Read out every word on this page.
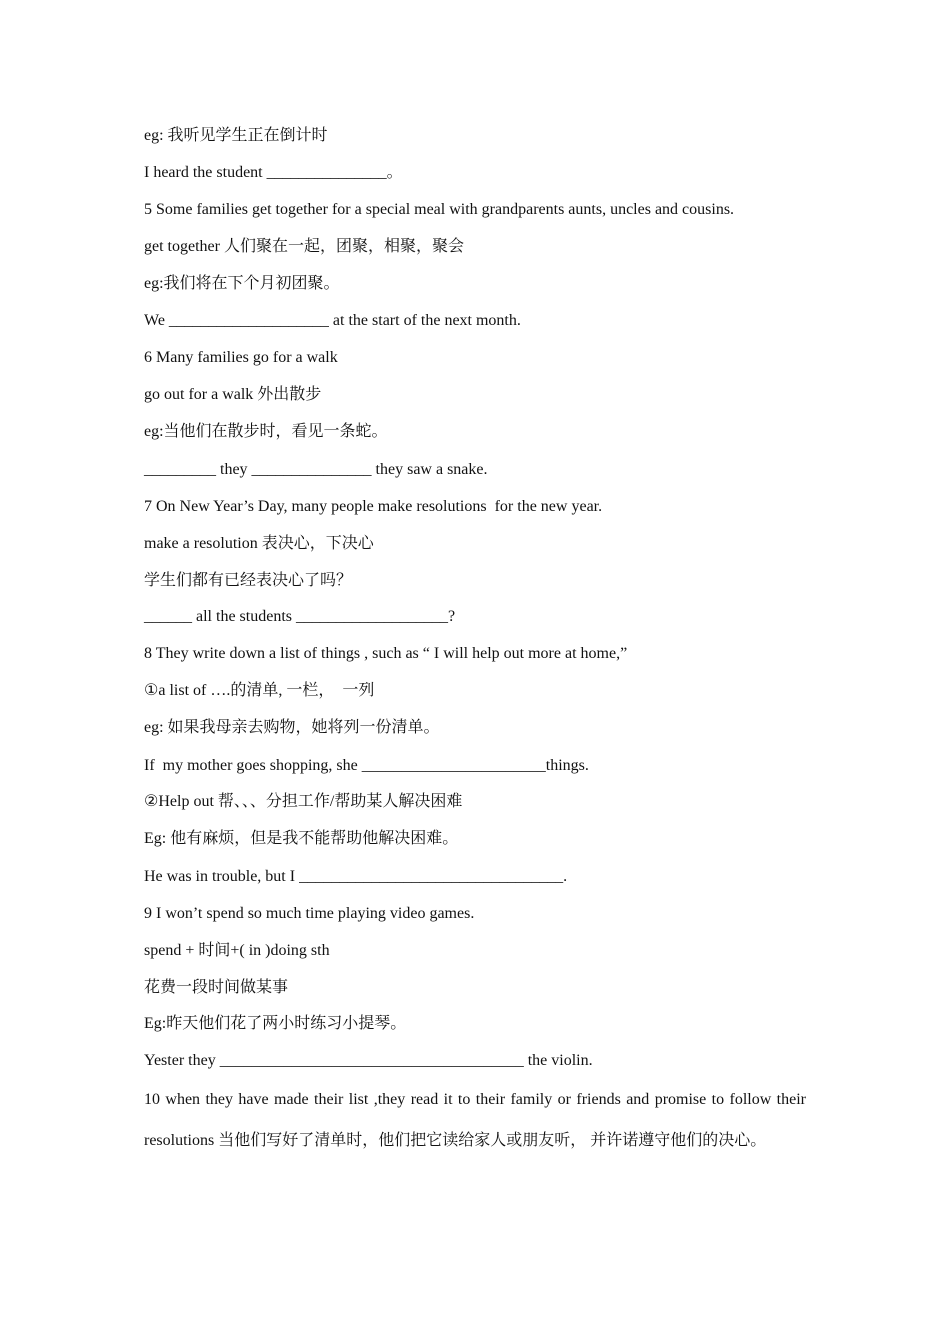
eg: 我听见学生正在倒计时
I heard the student _______________。
5 Some families get together for a special meal with grandparents aunts, uncles and cousins.
get together 人们聚在一起，团聚，相聚，聚会
eg:我们将在下个月初团聚。
We ____________________ at the start of the next month.
6 Many families go for a walk
go out for a walk 外出散步
eg:当他们在散步时，看见一条蛇。
_________ they _______________ they saw a snake.
7 On New Year’s Day, many people make resolutions  for the new year.
make a resolution 表决心，下决心
学生们都有已经表决心了吗？
______ all the students ___________________?
8 They write down a list of things , such as “ I will help out more at home,”
①a list of ….的清单, 一栏，  一列
eg: 如果我母亲去购物，她将列一份清单。
If  my mother goes shopping, she _______________________things.
②Help out 帮、、、分担工作/帮助某人解决困难
Eg: 他有麻烦，但是我不能帮助他解决困难。
He was in trouble, but I _________________________________.
9 I won’t spend so much time playing video games.
spend + 时间+( in )doing sth
花费一段时间做某事
Eg:昨天他们花了两小时练习小提琴。
Yester they ______________________________________ the violin.
10 when they have made their list ,they read it to their family or friends and promise to follow their resolutions 当他们写好了清单时，他们把它读给家人或朋友听， 并许诺遵守他们的决心。
